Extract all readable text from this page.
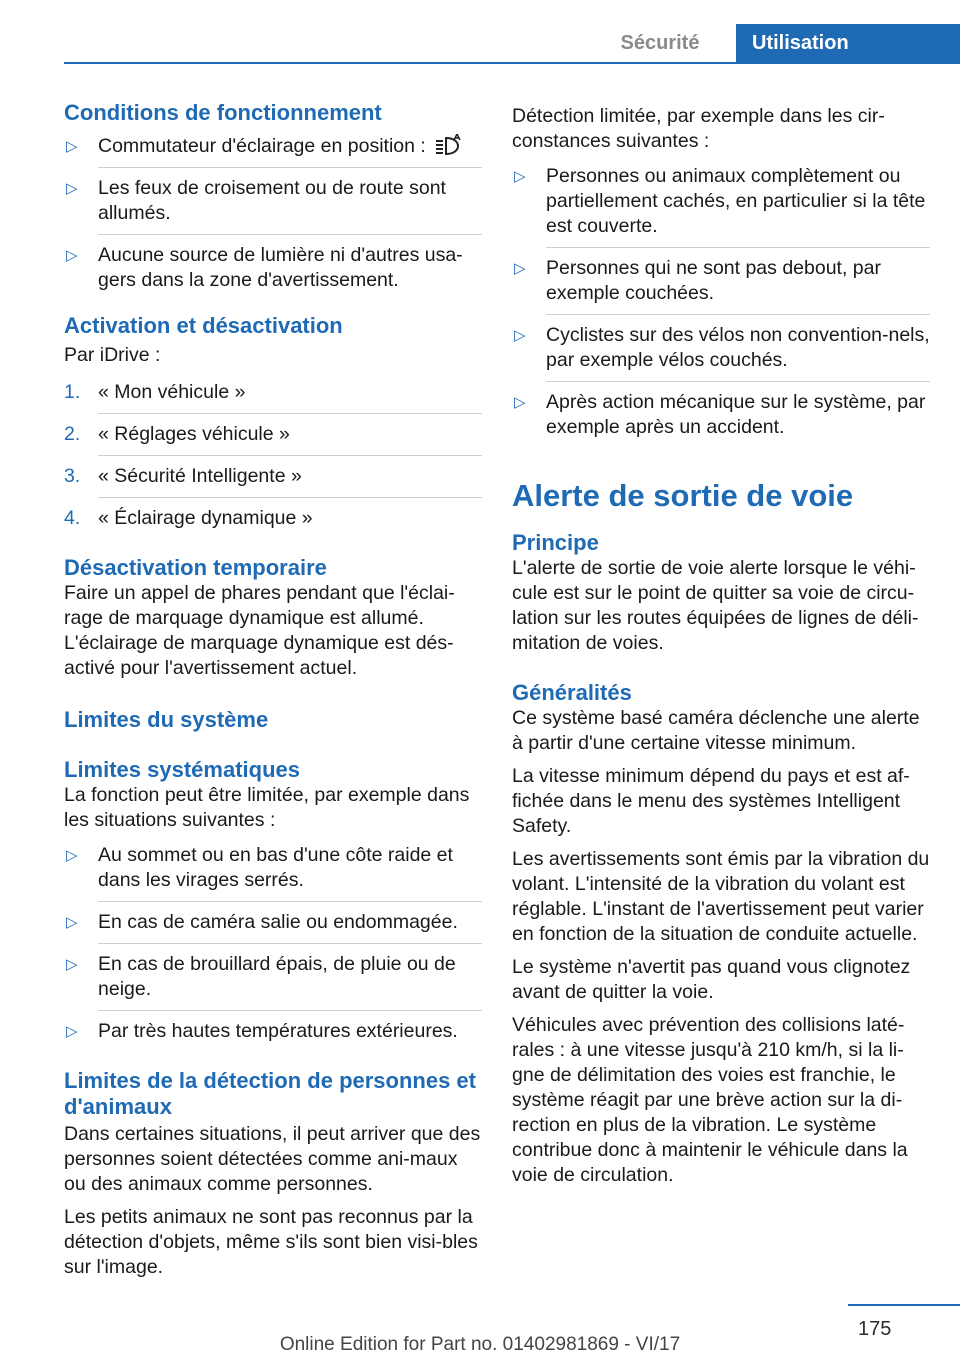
Sécurité	Utilisation
Conditions de fonctionnement
▷ Commutateur d'éclairage en position :
▷ Les feux de croisement ou de route sont allumés.
▷ Aucune source de lumière ni d'autres usa-gers dans la zone d'avertissement.
Activation et désactivation

Par iDrive :

1. « Mon véhicule »
2. « Réglages véhicule »
3. « Sécurité Intelligente »
4. « Éclairage dynamique »
Désactivation temporaire

Faire un appel de phares pendant que l'éclai-rage de marquage dynamique est allumé.

L'éclairage de marquage dynamique est dés-activé pour l'avertissement actuel.

Limites du système
Limites systématiques

La fonction peut être limitée, par exemple dans les situations suivantes :

▷ Au sommet ou en bas d'une côte raide et dans les virages serrés.
▷ En cas de caméra salie ou endommagée.
▷ En cas de brouillard épais, de pluie ou de neige.
▷ Par très hautes températures extérieures.
Limites de la détection de personnes et d'animaux

Dans certaines situations, il peut arriver que des personnes soient détectées comme ani-maux ou des animaux comme personnes.

Les petits animaux ne sont pas reconnus par la détection d'objets, même s'ils sont bien visi-bles sur l'image.

Détection limitée, par exemple dans les cir-constances suivantes :

▷ Personnes ou animaux complètement ou partiellement cachés, en particulier si la tête est couverte.
▷ Personnes qui ne sont pas debout, par exemple couchées.
▷ Cyclistes sur des vélos non convention-nels, par exemple vélos couchés.
▷ Après action mécanique sur le système, par exemple après un accident.
Alerte de sortie de voie
Principe

L'alerte de sortie de voie alerte lorsque le véhi-cule est sur le point de quitter sa voie de circu-lation sur les routes équipées de lignes de déli-mitation de voies.

Généralités

Ce système basé caméra déclenche une alerte à partir d'une certaine vitesse minimum.

La vitesse minimum dépend du pays et est af-fichée dans le menu des systèmes Intelligent Safety.

Les avertissements sont émis par la vibration du volant. L'intensité de la vibration du volant est réglable. L'instant de l'avertissement peut varier en fonction de la situation de conduite actuelle.

Le système n'avertit pas quand vous clignotez avant de quitter la voie.

Véhicules avec prévention des collisions laté-rales : à une vitesse jusqu'à 210 km/h, si la li-gne de délimitation des voies est franchie, le système réagit par une brève action sur la di-rection en plus de la vibration. Le système contribue donc à maintenir le véhicule dans la voie de circulation.

175
Online Edition for Part no. 01402981869 - VI/17
